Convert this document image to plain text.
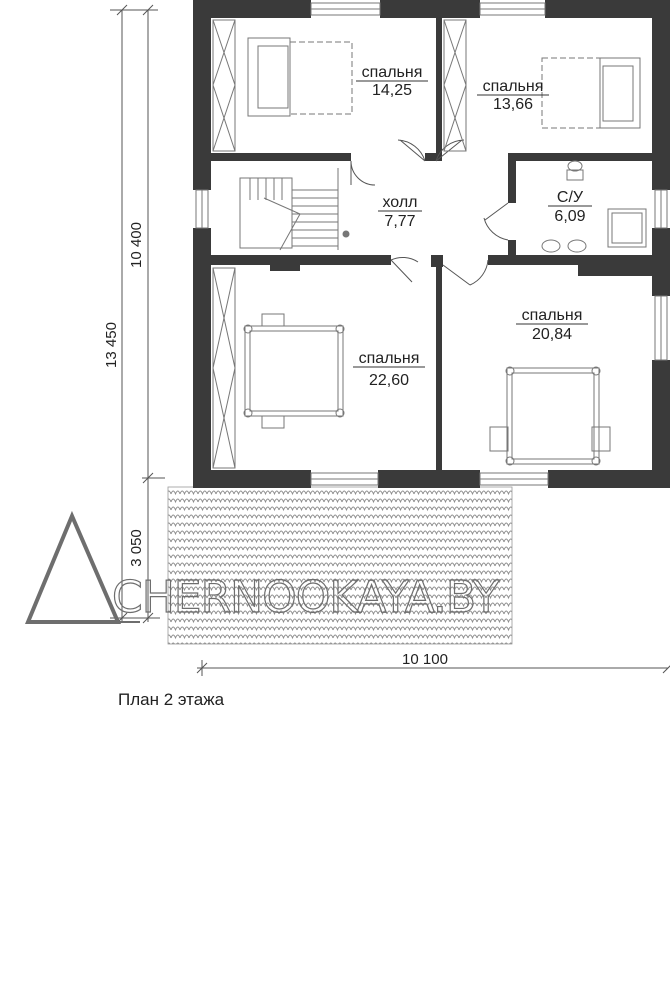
спальня
14,25	спальня
13,66
холл
7,77
С/У
6,09
спальня
22,60
спальня
20,84
13 450
10 400
3 050
10 100
CHERNOOKAYA.BY
План 2 этажа
